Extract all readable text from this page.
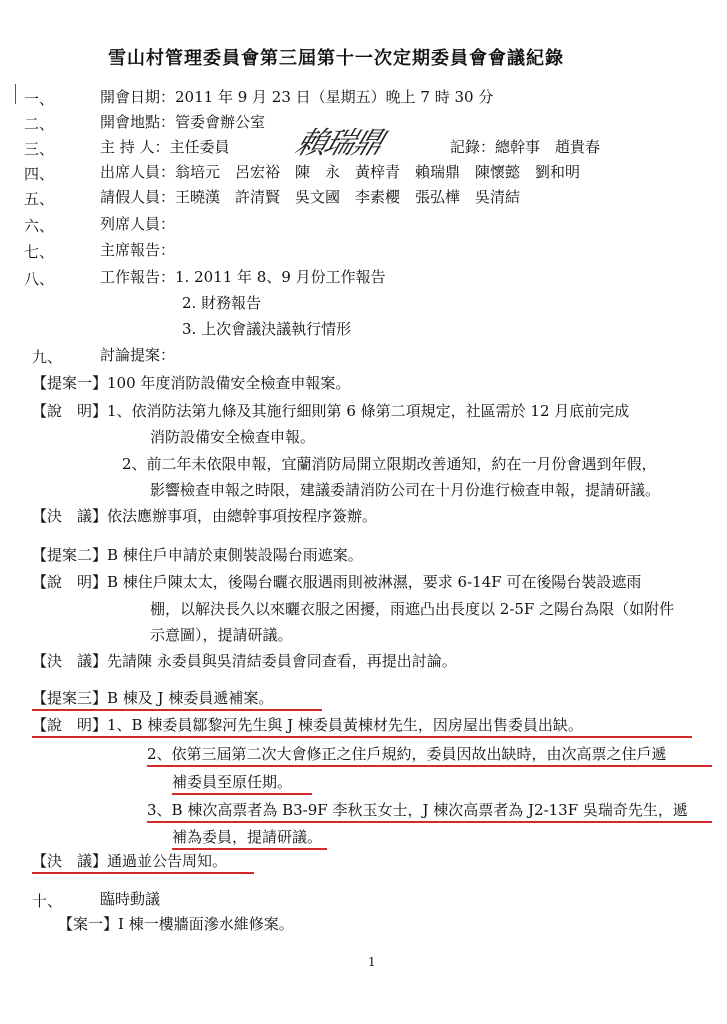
雪山村管理委員會第三屆第十一次定期委員會會議紀錄
一、	開會日期：2011 年 9 月 23 日（星期五）晚上 7 時 30 分
二、	開會地點：管委會辦公室
三、	主 持 人：主任委員 賴瑞鼎	記錄：總幹事　趙貴春
四、	出席人員：翁培元　呂宏裕　陳　永　黃梓青　賴瑞鼎　陳懷懿　劉和明
五、	請假人員：王曉漢　許清賢　吳文國　李素櫻　張弘樺　吳清結
六、	列席人員：
七、	主席報告：
八、	工作報告：1. 2011 年 8、9 月份工作報告
2. 財務報告
3. 上次會議決議執行情形
九、	討論提案：
【提案一】100 年度消防設備安全檢查申報案。
【說　明】1、依消防法第九條及其施行細則第 6 條第二項規定，社區需於 12 月底前完成
消防設備安全檢查申報。
2、前二年未依限申報，宜蘭消防局開立限期改善通知，約在一月份會遇到年假，
影響檢查申報之時限，建議委請消防公司在十月份進行檢查申報，提請研議。
【決　議】依法應辦事項，由總幹事項按程序簽辦。
【提案二】B 棟住戶申請於東側裝設陽台雨遮案。
【說　明】B 棟住戶陳太太，後陽台曬衣服遇雨則被淋濕，要求 6-14F 可在後陽台裝設遮雨
棚，以解決長久以來曬衣服之困擾，雨遮凸出長度以 2-5F 之陽台為限（如附件
示意圖），提請研議。
【決　議】先請陳 永委員與吳清結委員會同查看，再提出討論。
【提案三】B 棟及 J 棟委員遞補案。
【說　明】1、B 棟委員鄒黎河先生與 J 棟委員黃棟材先生，因房屋出售委員出缺。
2、依第三屆第二次大會修正之住戶規約，委員因故出缺時，由次高票之住戶遞
補委員至原任期。
3、B 棟次高票者為 B3-9F 李秋玉女士，J 棟次高票者為 J2-13F 吳瑞奇先生，遞
補為委員，提請研議。
【決　議】通過並公告周知。
十、	臨時動議
【案一】I 棟一樓牆面滲水維修案。
1
